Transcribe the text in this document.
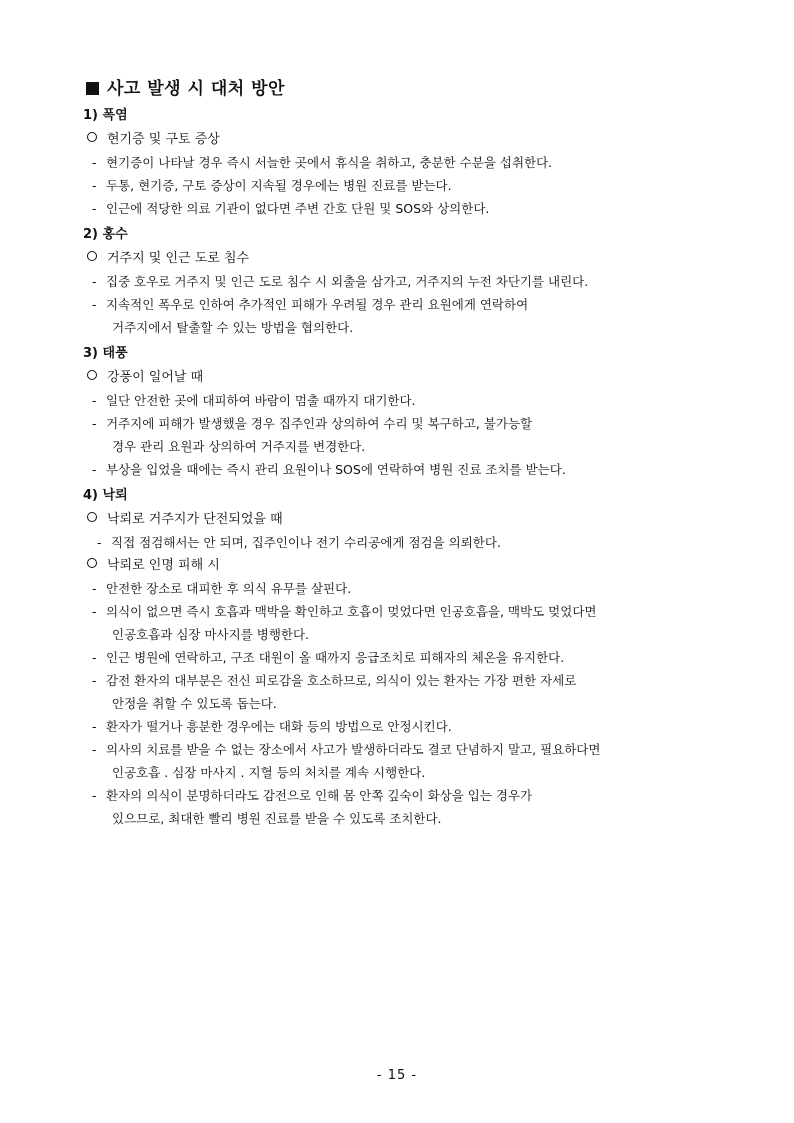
사고 발생 시 대처 방안
1) 폭염
현기증 및 구토 증상
- 현기증이 나타날 경우 즉시 서늘한 곳에서 휴식을 취하고, 충분한 수분을 섭취한다.
- 두통, 현기증, 구토 증상이 지속될 경우에는 병원 진료를 받는다.
- 인근에 적당한 의료 기관이 없다면 주변 간호 단원 및 SOS와 상의한다.
2) 홍수
거주지 및 인근 도로 침수
- 집중 호우로 거주지 및 인근 도로 침수 시 외출을 삼가고, 거주지의 누전 차단기를 내린다.
- 지속적인 폭우로 인하여 추가적인 피해가 우려될 경우 관리 요원에게 연락하여
거주지에서 탈출할 수 있는 방법을 협의한다.
3) 태풍
강풍이 일어날 때
- 일단 안전한 곳에 대피하여 바람이 멈출 때까지 대기한다.
- 거주지에 피해가 발생했을 경우 집주인과 상의하여 수리 및 복구하고, 불가능할
경우 관리 요원과 상의하여 거주지를 변경한다.
- 부상을 입었을 때에는 즉시 관리 요원이나 SOS에 연락하여 병원 진료 조치를 받는다.
4) 낙뢰
낙뢰로 거주지가 단전되었을 때
- 직접 점검해서는 안 되며, 집주인이나 전기 수리공에게 점검을 의뢰한다.
낙뢰로 인명 피해 시
- 안전한 장소로 대피한 후 의식 유무를 살핀다.
- 의식이 없으면 즉시 호흡과 맥박을 확인하고 호흡이 멎었다면 인공호흡을, 맥박도 멎었다면
인공호흡과 심장 마사지를 병행한다.
- 인근 병원에 연락하고, 구조 대원이 올 때까지 응급조치로 피해자의 체온을 유지한다.
- 감전 환자의 대부분은 전신 피로감을 호소하므로, 의식이 있는 환자는 가장 편한 자세로
안정을 취할 수 있도록 돕는다.
- 환자가 떨거나 흥분한 경우에는 대화 등의 방법으로 안정시킨다.
- 의사의 치료를 받을 수 없는 장소에서 사고가 발생하더라도 결코 단념하지 말고, 필요하다면
인공호흡 . 심장 마사지 . 지혈 등의 처치를 계속 시행한다.
- 환자의 의식이 분명하더라도 감전으로 인해 몸 안쪽 깊숙이 화상을 입는 경우가
있으므로, 최대한 빨리 병원 진료를 받을 수 있도록 조치한다.
- 15 -
